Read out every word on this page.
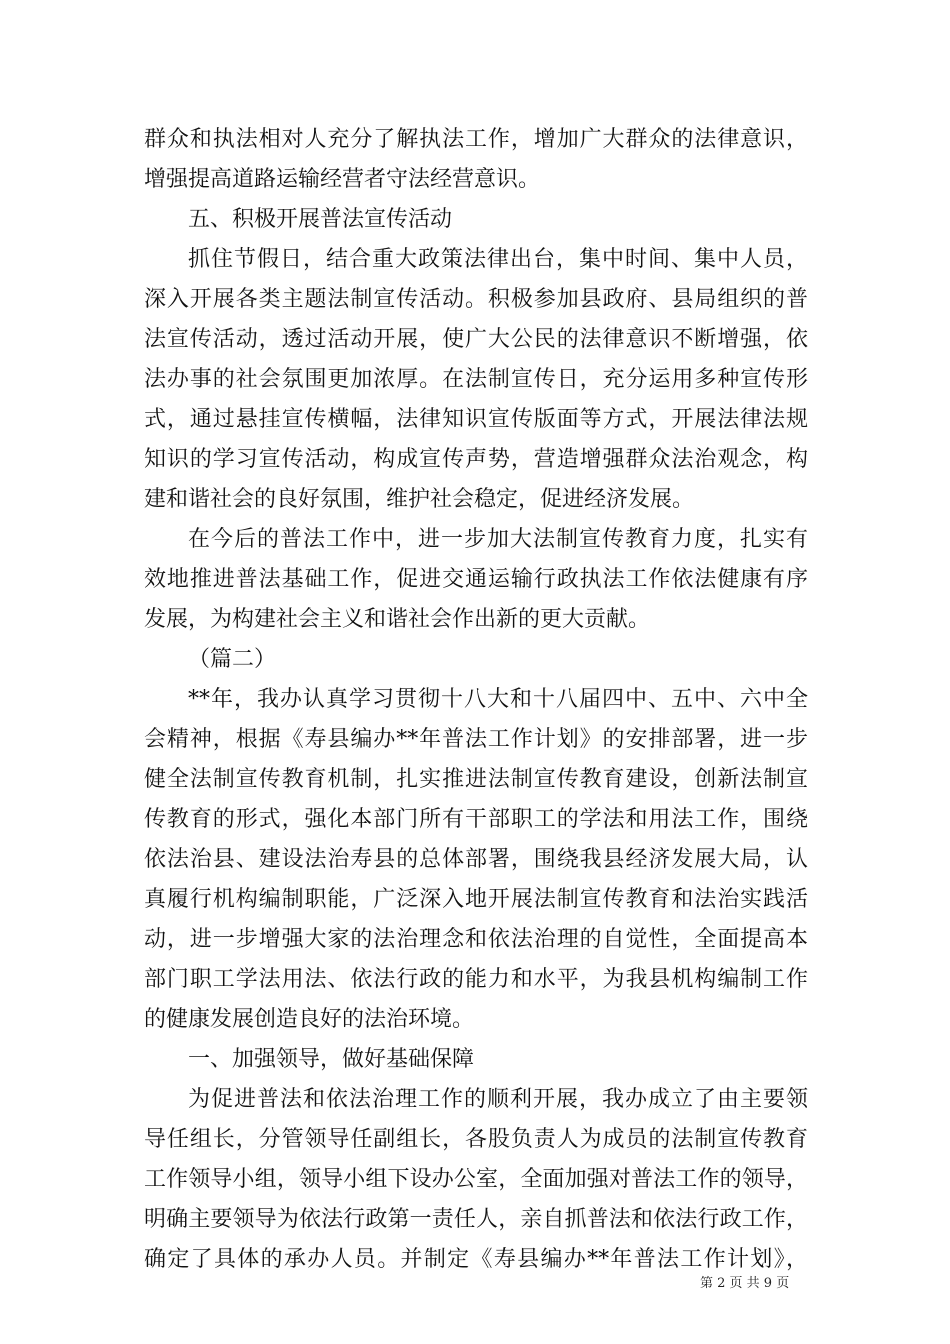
群众和执法相对人充分了解执法工作，增加广大群众的法律意识，
增强提高道路运输经营者守法经营意识。
五、积极开展普法宣传活动
抓住节假日，结合重大政策法律出台，集中时间、集中人员，
深入开展各类主题法制宣传活动。积极参加县政府、县局组织的普
法宣传活动，透过活动开展，使广大公民的法律意识不断增强，依
法办事的社会氛围更加浓厚。在法制宣传日，充分运用多种宣传形
式，通过悬挂宣传横幅，法律知识宣传版面等方式，开展法律法规
知识的学习宣传活动，构成宣传声势，营造增强群众法治观念，构
建和谐社会的良好氛围，维护社会稳定，促进经济发展。
在今后的普法工作中，进一步加大法制宣传教育力度，扎实有
效地推进普法基础工作，促进交通运输行政执法工作依法健康有序
发展，为构建社会主义和谐社会作出新的更大贡献。
（篇二）
**年，我办认真学习贯彻十八大和十八届四中、五中、六中全
会精神，根据《寿县编办**年普法工作计划》的安排部署，进一步
健全法制宣传教育机制，扎实推进法制宣传教育建设，创新法制宣
传教育的形式，强化本部门所有干部职工的学法和用法工作，围绕
依法治县、建设法治寿县的总体部署，围绕我县经济发展大局，认
真履行机构编制职能，广泛深入地开展法制宣传教育和法治实践活
动，进一步增强大家的法治理念和依法治理的自觉性，全面提高本
部门职工学法用法、依法行政的能力和水平，为我县机构编制工作
的健康发展创造良好的法治环境。
一、加强领导，做好基础保障
为促进普法和依法治理工作的顺利开展，我办成立了由主要领
导任组长，分管领导任副组长，各股负责人为成员的法制宣传教育
工作领导小组，领导小组下设办公室，全面加强对普法工作的领导，
明确主要领导为依法行政第一责任人，亲自抓普法和依法行政工作，
确定了具体的承办人员。并制定《寿县编办**年普法工作计划》，
第 2 页 共 9 页
